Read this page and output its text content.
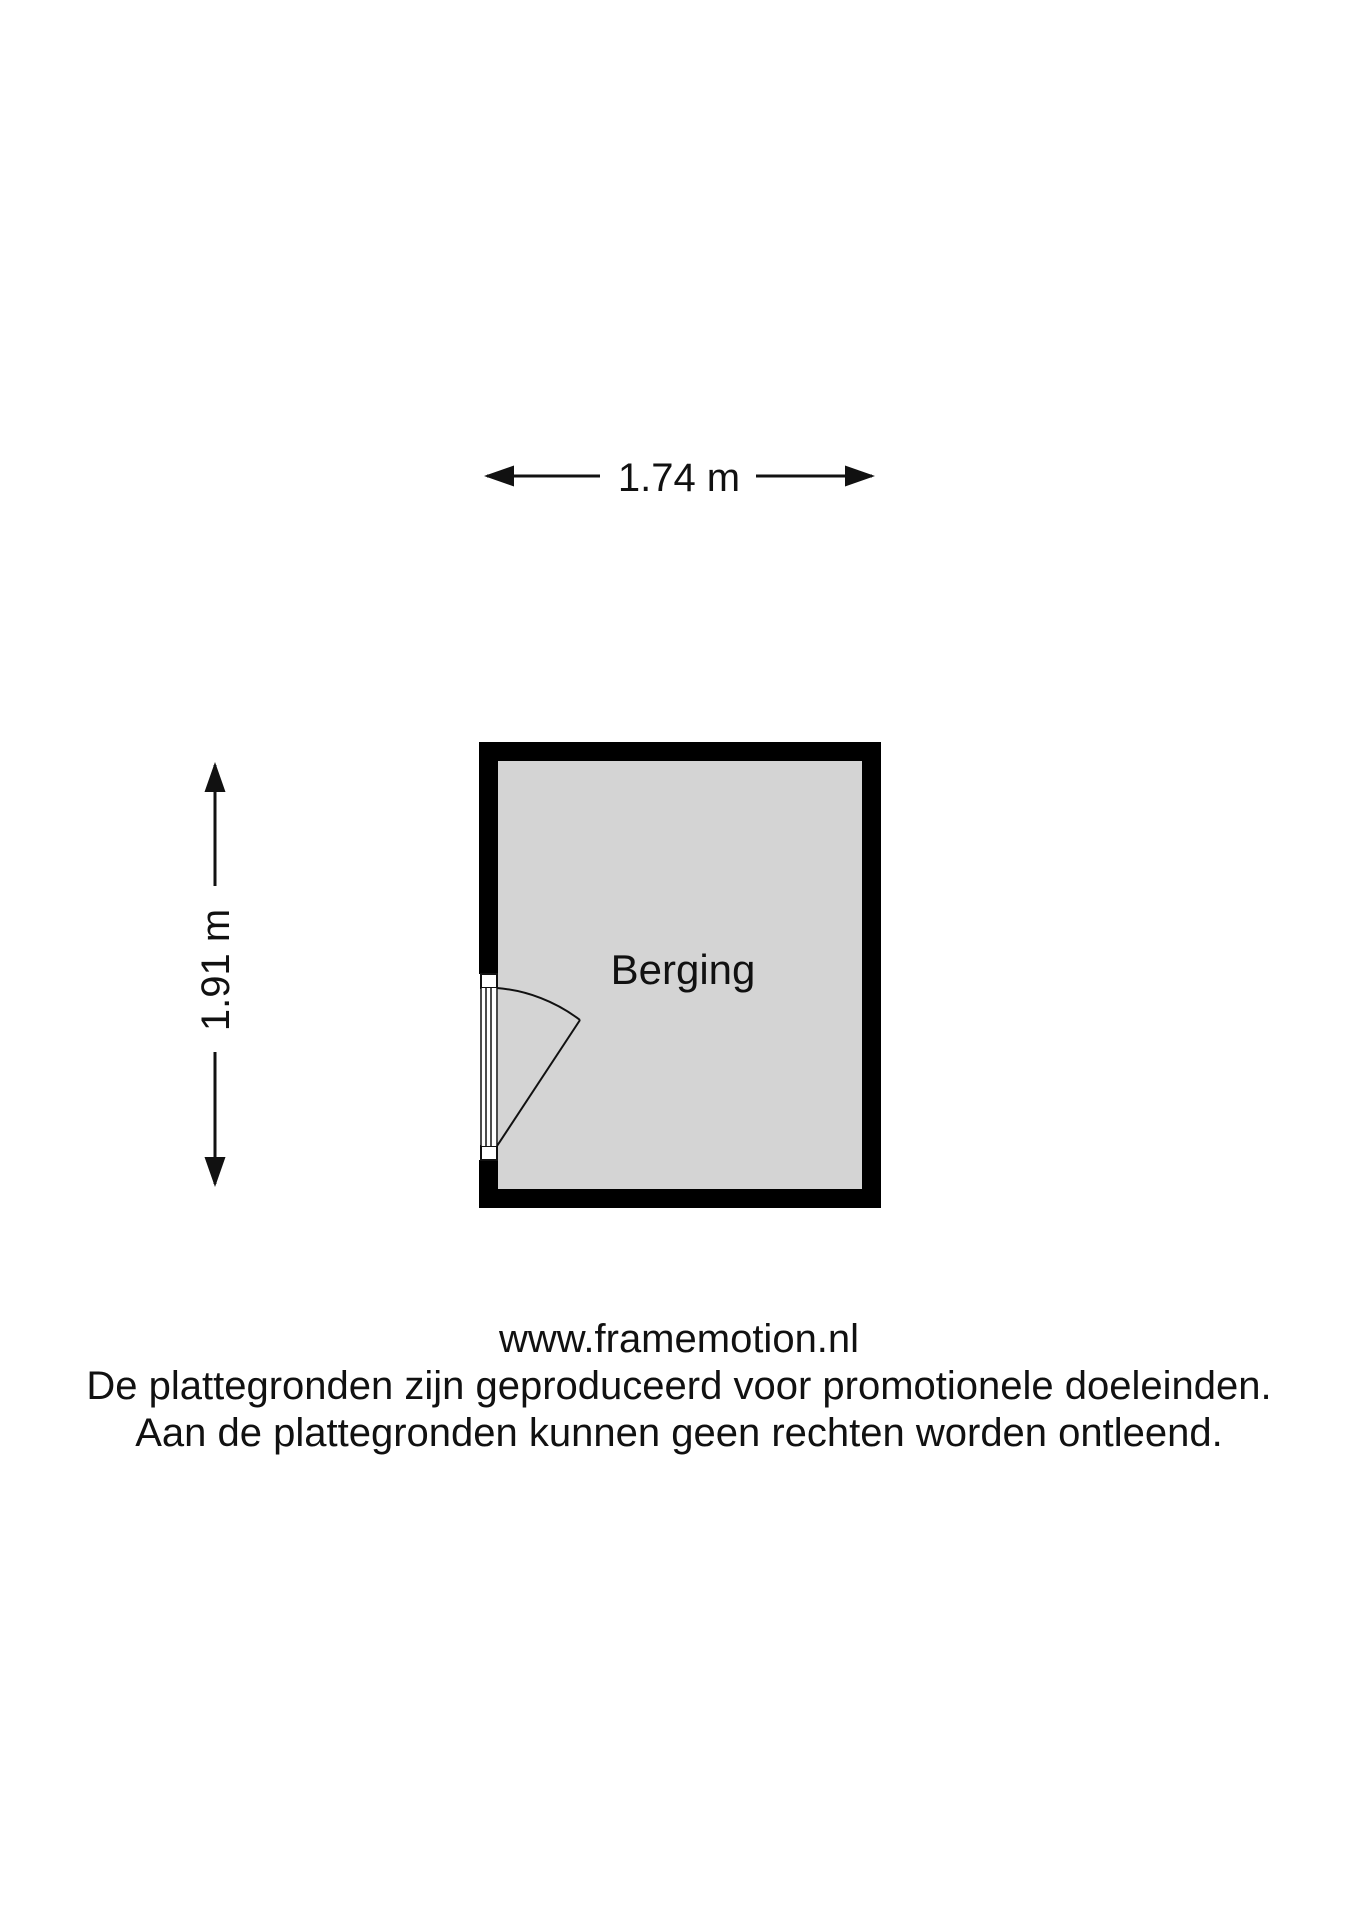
1.74 m
1.91 m	Berging
www.framemotion.nl
De plattegronden zijn geproduceerd voor promotionele doeleinden.
Aan de plattegronden kunnen geen rechten worden ontleend.
